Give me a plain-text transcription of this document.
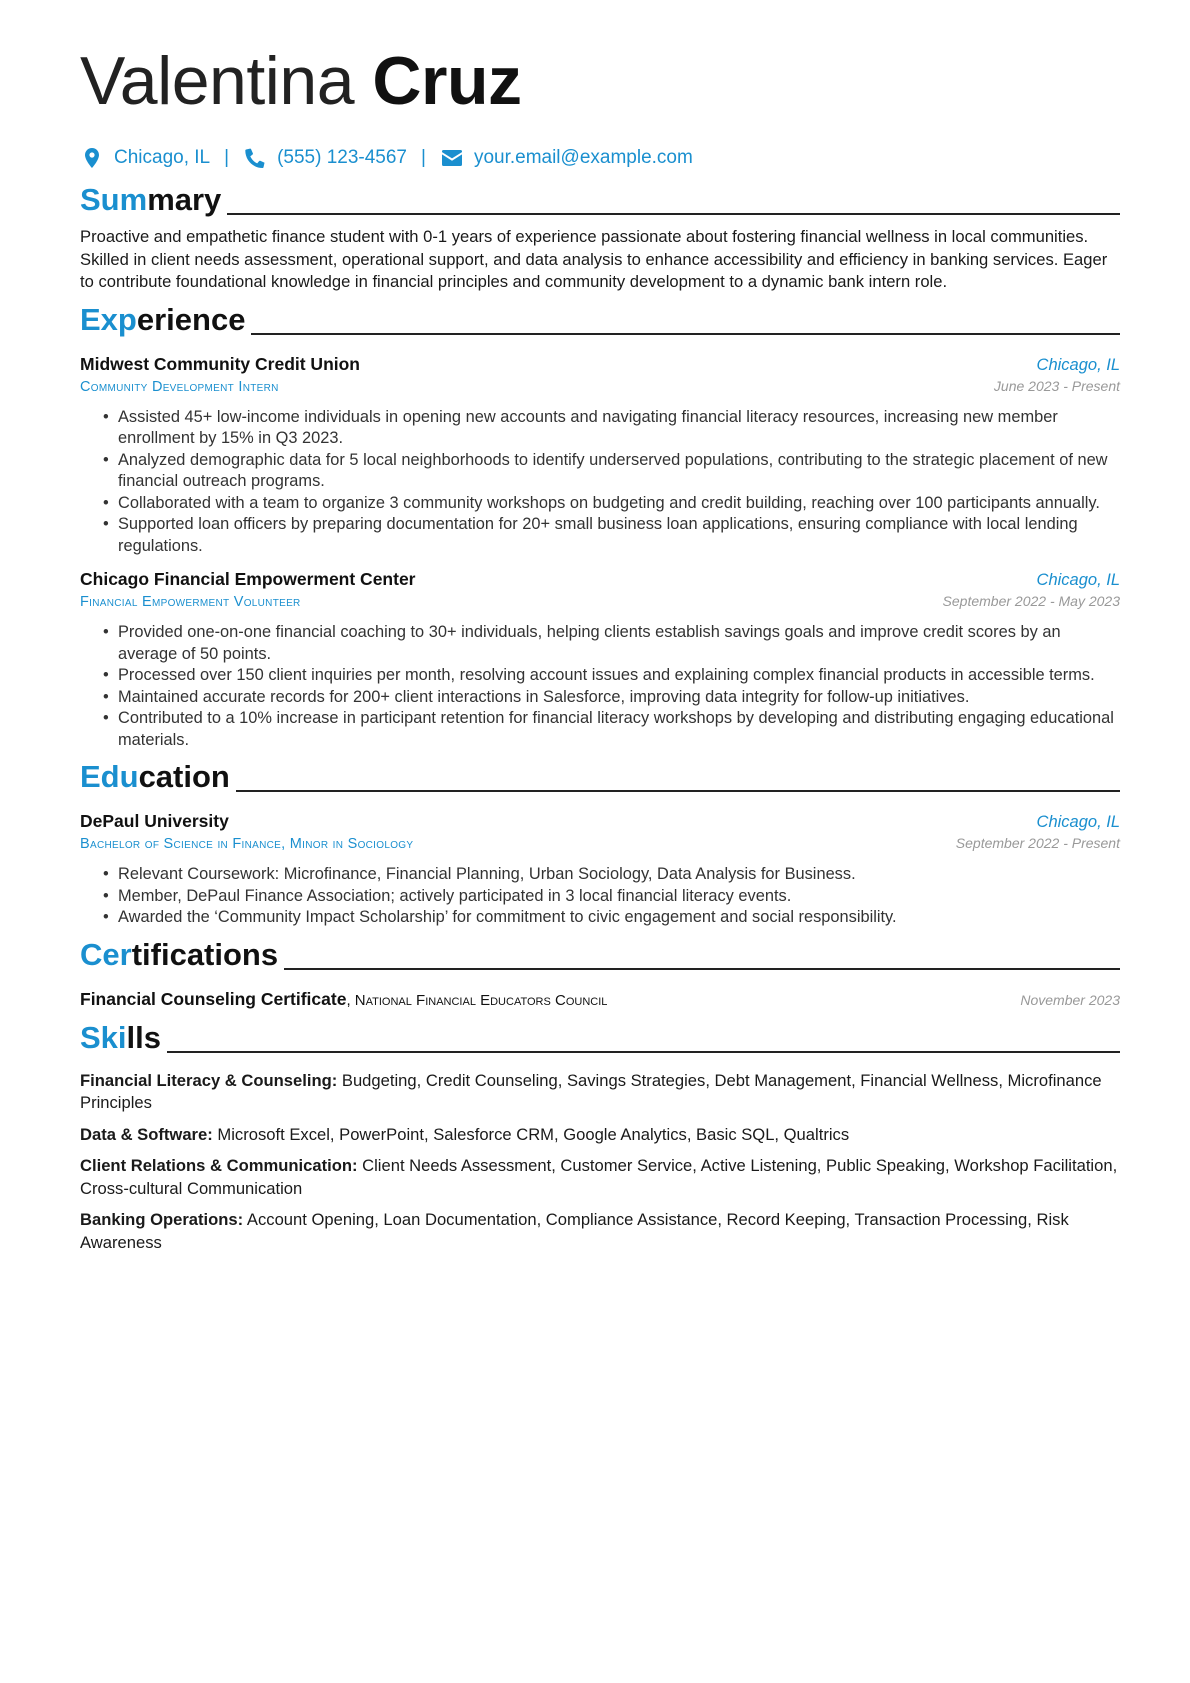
Valentina Cruz
Chicago, IL |	(555) 123-4567 |	your.email@example.com
Summary
Proactive and empathetic finance student with 0-1 years of experience passionate about fostering financial wellness in local communities. Skilled in client needs assessment, operational support, and data analysis to enhance accessibility and efficiency in banking services. Eager to contribute foundational knowledge in financial principles and community development to a dynamic bank intern role.
Experience
Midwest Community Credit Union	Chicago, IL
Community Development Intern	June 2023 - Present
• Assisted 45+ low-income individuals in opening new accounts and navigating financial literacy resources, increasing new member enrollment by 15% in Q3 2023.
• Analyzed demographic data for 5 local neighborhoods to identify underserved populations, contributing to the strategic placement of new financial outreach programs.
• Collaborated with a team to organize 3 community workshops on budgeting and credit building, reaching over 100 participants annually.
• Supported loan officers by preparing documentation for 20+ small business loan applications, ensuring compliance with local lending regulations.
Chicago Financial Empowerment Center	Chicago, IL
Financial Empowerment Volunteer	September 2022 - May 2023
• Provided one-on-one financial coaching to 30+ individuals, helping clients establish savings goals and improve credit scores by an average of 50 points.
• Processed over 150 client inquiries per month, resolving account issues and explaining complex financial products in accessible terms.
• Maintained accurate records for 200+ client interactions in Salesforce, improving data integrity for follow-up initiatives.
• Contributed to a 10% increase in participant retention for financial literacy workshops by developing and distributing engaging educational materials.
Education
DePaul University	Chicago, IL
Bachelor of Science in Finance, Minor in Sociology	September 2022 - Present
• Relevant Coursework: Microfinance, Financial Planning, Urban Sociology, Data Analysis for Business.
• Member, DePaul Finance Association; actively participated in 3 local financial literacy events.
• Awarded the ‘Community Impact Scholarship’ for commitment to civic engagement and social responsibility.
Certifications
Financial Counseling Certificate, National Financial Educators Council	November 2023
Skills
Financial Literacy & Counseling: Budgeting, Credit Counseling, Savings Strategies, Debt Management, Financial Wellness, Microfinance Principles
Data & Software: Microsoft Excel, PowerPoint, Salesforce CRM, Google Analytics, Basic SQL, Qualtrics
Client Relations & Communication: Client Needs Assessment, Customer Service, Active Listening, Public Speaking, Workshop Facilitation, Cross-cultural Communication
Banking Operations: Account Opening, Loan Documentation, Compliance Assistance, Record Keeping, Transaction Processing, Risk Awareness
